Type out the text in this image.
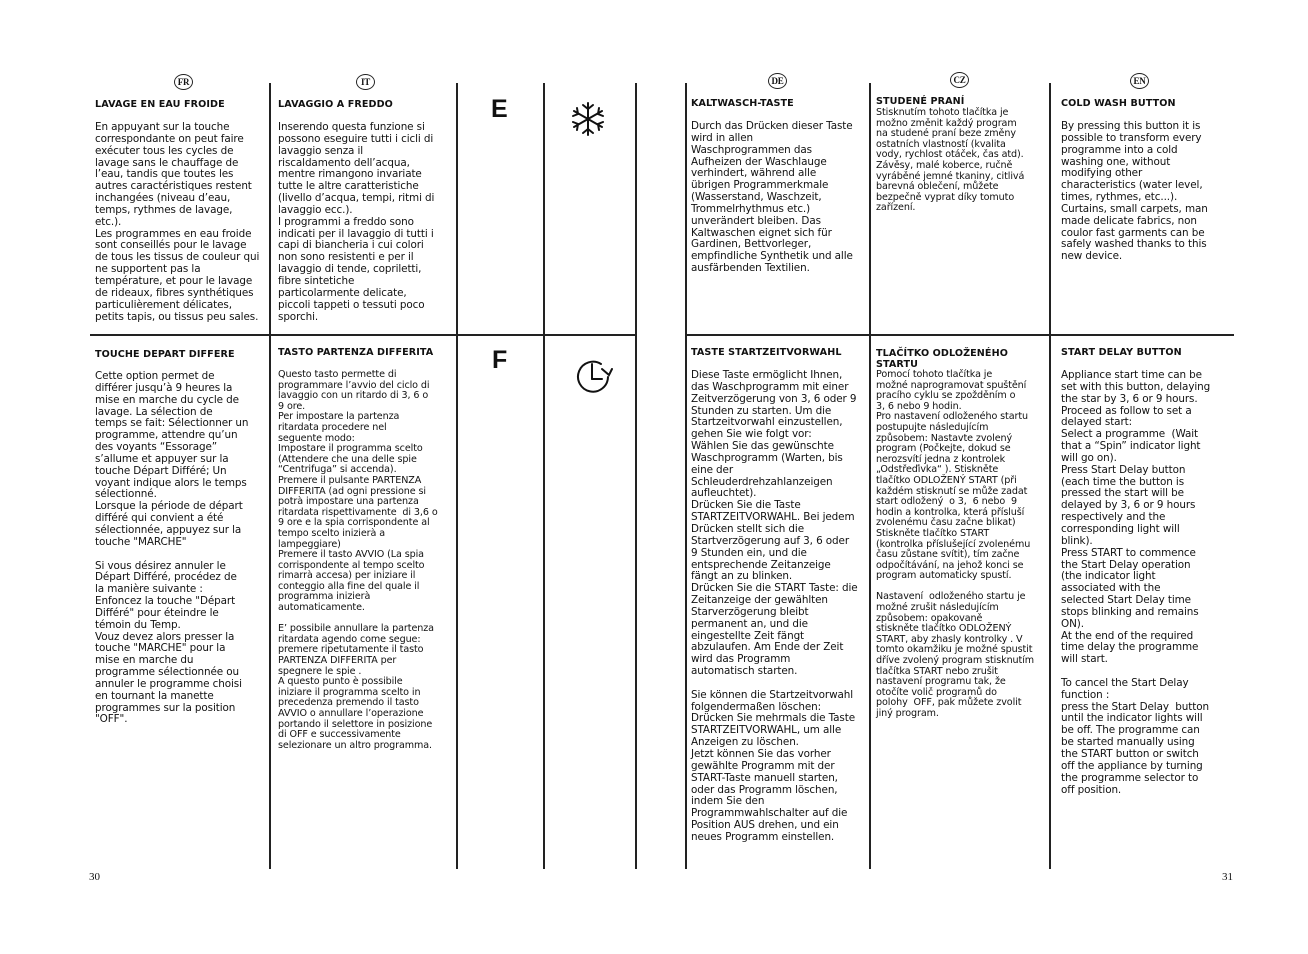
FR	IT
LAVAGE EN EAU FROIDE
En appuyant sur la touche
correspondante on peut faire
exécuter tous les cycles de
lavage sans le chauffage de
l’eau, tandis que toutes les
autres caractéristiques restent
inchangées (niveau d’eau,
temps, rythmes de lavage,
etc.).
Les programmes en eau froide
sont conseillés pour le lavage
de tous les tissus de couleur qui
ne supportent pas la
température, et pour le lavage
de rideaux, fibres synthétiques
particulièrement délicates,
petits tapis, ou tissus peu sales.
LAVAGGIO A FREDDO
Inserendo questa funzione si
possono eseguire tutti i cicli di
lavaggio senza il
riscaldamento dell’acqua,
mentre rimangono invariate
tutte le altre caratteristiche
(livello d’acqua, tempi, ritmi di
lavaggio ecc.).
I programmi a freddo sono
indicati per il lavaggio di tutti i
capi di biancheria i cui colori
non sono resistenti e per il
lavaggio di tende, copriletti,
fibre sintetiche
particolarmente delicate,
piccoli tappeti o tessuti poco
sporchi.
E
F
TOUCHE DEPART DIFFERE
Cette option permet de
différer jusqu’à 9 heures la
mise en marche du cycle de
lavage. La sélection de
temps se fait: Sélectionner un
programme, attendre qu’un
des voyants “Essorage”
s’allume et appuyer sur la
touche Départ Différé; Un
voyant indique alors le temps
sélectionné.
Lorsque la période de départ
différé qui convient a été
sélectionnée, appuyez sur la
touche "MARCHE"

Si vous désirez annuler le
Départ Différé, procédez de
la manière suivante :
Enfoncez la touche "Départ
Différé" pour éteindre le
témoin du Temp.
Vouz devez alors presser la
touche "MARCHE" pour la
mise en marche du
programme sélectionnée ou
annuler le programme choisi
en tournant la manette
programmes sur la position
"OFF".
TASTO PARTENZA DIFFERITA
Questo tasto permette di
programmare l’avvio del ciclo di
lavaggio con un ritardo di 3, 6 o
9 ore.
Per impostare la partenza
ritardata procedere nel
seguente modo:
Impostare il programma scelto
(Attendere che una delle spie
“Centrifuga” si accenda).
Premere il pulsante PARTENZA
DIFFERITA (ad ogni pressione si
potrà impostare una partenza
ritardata rispettivamente  di 3,6 o
9 ore e la spia corrispondente al
tempo scelto inizierà a
lampeggiare)
Premere il tasto AVVIO (La spia
corrispondente al tempo scelto
rimarrà accesa) per iniziare il
conteggio alla fine del quale il
programma inizierà
automaticamente.

E’ possibile annullare la partenza
ritardata agendo come segue:
premere ripetutamente il tasto
PARTENZA DIFFERITA per
spegnere le spie .
A questo punto è possibile
iniziare il programma scelto in
precedenza premendo il tasto
AVVIO o annullare l’operazione
portando il selettore in posizione
di OFF e successivamente
selezionare un altro programma.
30
DE	CZ	EN
KALTWASCH-TASTE
Durch das Drücken dieser Taste
wird in allen
Waschprogrammen das
Aufheizen der Waschlauge
verhindert, während alle
übrigen Programmerkmale
(Wasserstand, Waschzeit,
Trommelrhythmus etc.)
unverändert bleiben. Das
Kaltwaschen eignet sich für
Gardinen, Bettvorleger,
empfindliche Synthetik und alle
ausfärbenden Textilien.
STUDENÉ PRANÍ
Stisknutím tohoto tlačítka je
možno změnit každý program
na studené praní beze změny
ostatních vlastností (kvalita
vody, rychlost otáček, čas atd).
Závěsy, malé koberce, ručně
vyráběné jemné tkaniny, citlivá
barevná oblečení, můžete
bezpečně vyprat díky tomuto
zařízení.
COLD WASH BUTTON
By pressing this button it is
possible to transform every
programme into a cold
washing one, without
modifying other
characteristics (water level,
times, rythmes, etc...).
Curtains, small carpets, man
made delicate fabrics, non
coulor fast garments can be
safely washed thanks to this
new device.
TASTE STARTZEITVORWAHL
Diese Taste ermöglicht Ihnen,
das Waschprogramm mit einer
Zeitverzögerung von 3, 6 oder 9
Stunden zu starten. Um die
Startzeitvorwahl einzustellen,
gehen Sie wie folgt vor:
Wählen Sie das gewünschte
Waschprogramm (Warten, bis
eine der
Schleuderdrehzahlanzeigen
aufleuchtet).
Drücken Sie die Taste
STARTZEITVORWAHL. Bei jedem
Drücken stellt sich die
Startverzögerung auf 3, 6 oder
9 Stunden ein, und die
entsprechende Zeitanzeige
fängt an zu blinken.
Drücken Sie die START Taste: die
Zeitanzeige der gewählten
Starverzögerung bleibt
permanent an, und die
eingestellte Zeit fängt
abzulaufen. Am Ende der Zeit
wird das Programm
automatisch starten.

Sie können die Startzeitvorwahl
folgendermaßen löschen:
Drücken Sie mehrmals die Taste
STARTZEITVORWAHL, um alle
Anzeigen zu löschen.
Jetzt können Sie das vorher
gewählte Programm mit der
START-Taste manuell starten,
oder das Programm löschen,
indem Sie den
Programmwahlschalter auf die
Position AUS drehen, und ein
neues Programm einstellen.
TLAČÍTKO ODLOŽENÉHO
STARTU
Pomocí tohoto tlačítka je
možné naprogramovat spuštění
pracího cyklu se zpožděním o
3, 6 nebo 9 hodin.
Pro nastavení odloženého startu
postupujte následujícím
způsobem: Nastavte zvolený
program (Počkejte, dokud se
nerozsvítí jedna z kontrolek
„Odstřeďivka“ ). Stiskněte
tlačítko ODLOŽENÝ START (při
každém stisknutí se může zadat
start odložený  o 3,  6 nebo  9
hodin a kontrolka, která přísluší
zvolenému času začne blikat)
Stiskněte tlačítko START
(kontrolka příslušející zvolenému
času zůstane svítit), tím začne
odpočítávání, na jehož konci se
program automaticky spustí.

Nastavení  odloženého startu je
možné zrušit následujícím
způsobem: opakovaně
stiskněte tlačítko ODLOŽENÝ
START, aby zhasly kontrolky . V
tomto okamžiku je možné spustit
dříve zvolený program stisknutím
tlačítka START nebo zrušit
nastavení programu tak, že
otočíte volič programů do
polohy  OFF, pak můžete zvolit
jiný program.
START DELAY BUTTON
Appliance start time can be
set with this button, delaying
the star by 3, 6 or 9 hours.
Proceed as follow to set a
delayed start:
Select a programme  (Wait
that a “Spin” indicator light
will go on).
Press Start Delay button
(each time the button is
pressed the start will be
delayed by 3, 6 or 9 hours
respectively and the
corresponding light will
blink).
Press START to commence
the Start Delay operation
(the indicator light
associated with the
selected Start Delay time
stops blinking and remains
ON).
At the end of the required
time delay the programme
will start.

To cancel the Start Delay
function :
press the Start Delay  button
until the indicator lights will
be off. The programme can
be started manually using
the START button or switch
off the appliance by turning
the programme selector to
off position.
31
